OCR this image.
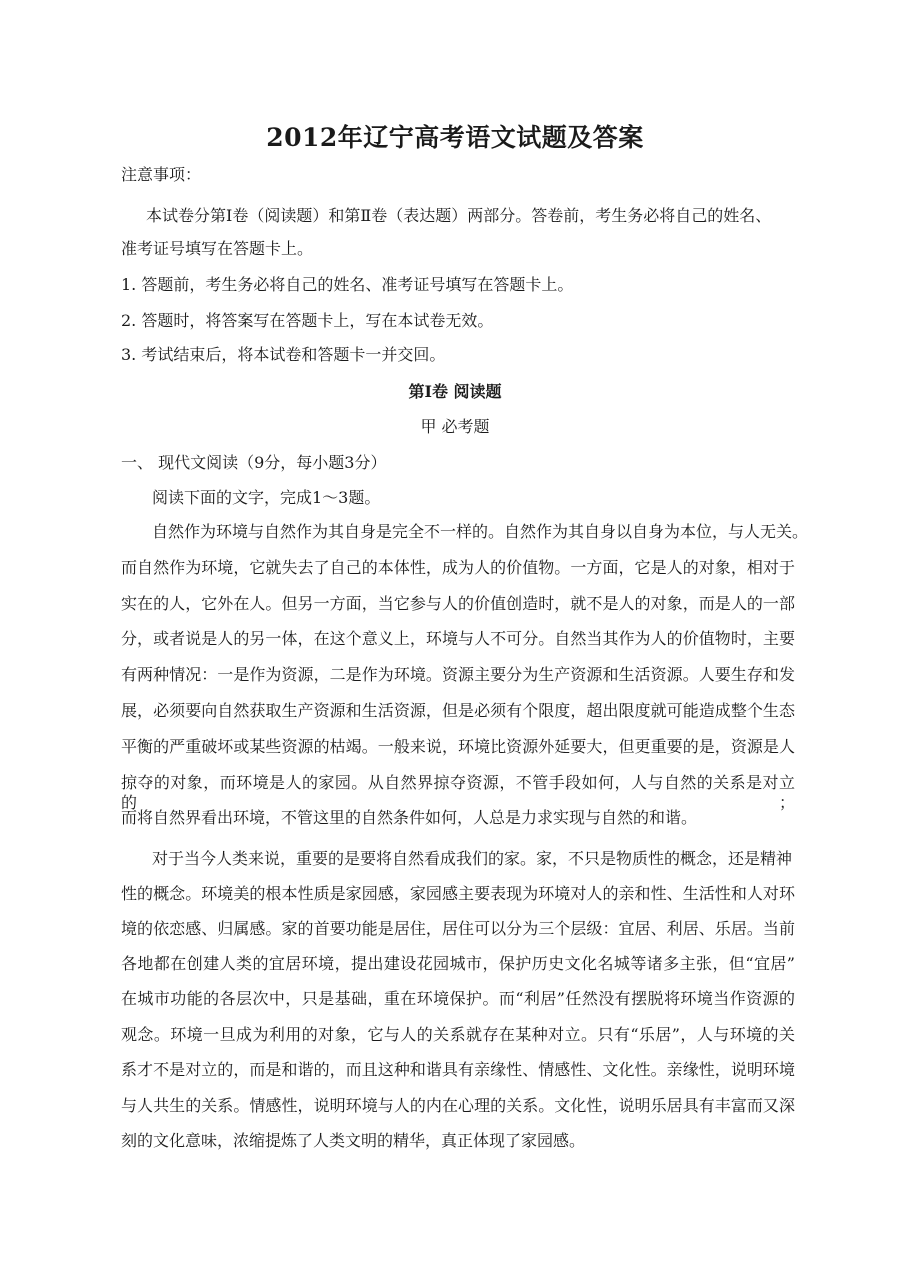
2012年辽宁高考语文试题及答案
注意事项：
本试卷分第Ⅰ卷（阅读题）和第Ⅱ卷（表达题）两部分。答卷前，考生务必将自己的姓名、
准考证号填写在答题卡上。
1. 答题前，考生务必将自己的姓名、准考证号填写在答题卡上。
2. 答题时，将答案写在答题卡上，写在本试卷无效。
3. 考试结束后，将本试卷和答题卡一并交回。
第Ⅰ卷 阅读题
甲 必考题
一、 现代文阅读（9分，每小题3分）
阅读下面的文字，完成1～3题。
自然作为环境与自然作为其自身是完全不一样的。自然作为其自身以自身为本位，与人无关。
而自然作为环境，它就失去了自己的本体性，成为人的价值物。一方面，它是人的对象，相对于
实在的人，它外在人。但另一方面，当它参与人的价值创造时，就不是人的对象，而是人的一部
分，或者说是人的另一体，在这个意义上，环境与人不可分。自然当其作为人的价值物时，主要
有两种情况：一是作为资源，二是作为环境。资源主要分为生产资源和生活资源。人要生存和发
展，必须要向自然获取生产资源和生活资源，但是必须有个限度，超出限度就可能造成整个生态
平衡的严重破坏或某些资源的枯竭。一般来说，环境比资源外延要大，但更重要的是，资源是人
掠夺的对象，而环境是人的家园。从自然界掠夺资源，不管手段如何，人与自然的关系是对立的；
而将自然界看出环境，不管这里的自然条件如何，人总是力求实现与自然的和谐。
对于当今人类来说，重要的是要将自然看成我们的家。家，不只是物质性的概念，还是精神
性的概念。环境美的根本性质是家园感，家园感主要表现为环境对人的亲和性、生活性和人对环
境的依恋感、归属感。家的首要功能是居住，居住可以分为三个层级：宜居、利居、乐居。当前
各地都在创建人类的宜居环境，提出建设花园城市，保护历史文化名城等诸多主张，但“宜居”
在城市功能的各层次中，只是基础，重在环境保护。而“利居”任然没有摆脱将环境当作资源的
观念。环境一旦成为利用的对象，它与人的关系就存在某种对立。只有“乐居”，人与环境的关
系才不是对立的，而是和谐的，而且这种和谐具有亲缘性、情感性、文化性。亲缘性，说明环境
与人共生的关系。情感性，说明环境与人的内在心理的关系。文化性，说明乐居具有丰富而又深
刻的文化意味，浓缩提炼了人类文明的精华，真正体现了家园感。
